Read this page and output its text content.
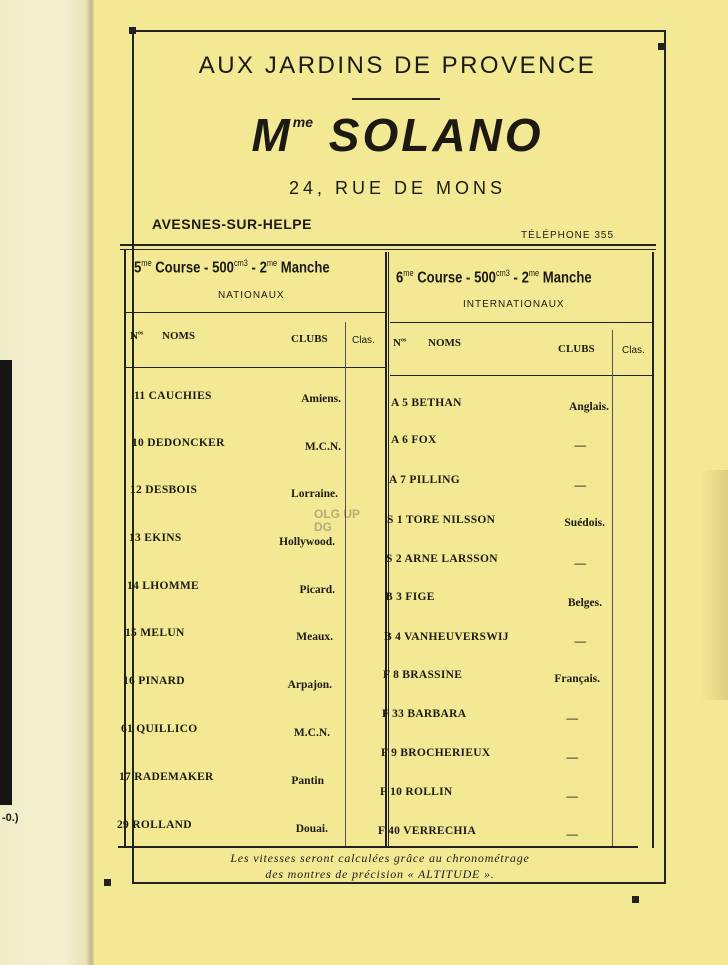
-0.)
AUX JARDINS DE PROVENCE
$M^{me}$ SOLANO
24, RUE DE MONS
AVESNES-SUR-HELPE
TÉLÉPHONE 355
$5^{me}$ Course - $500^{cm3} - 2^{me}$ Manche
NATIONAUX
$N^{os}$ NOMS	CLUBS Clas.
$6^{me}$ Course - $500^{cm3} - 2^{me}$ Manche
INTERNATIONAUX
$N^{os}$ NOMS	CLUBS	Clas.
11 CAUCHIES	Amiens.
10 DEDONCKER	M.C.N.
12 DESBOIS	Lorraine.
13 EKINS	Hollywood.
14 LHOMME	Picard.
15 MELUN	Meaux.
16 PINARD	Arpajon.
61 QUILLICO	M.C.N.
17 RADEMAKER	Pantin
29 ROLLAND	Douai.
A 5 BETHAN	Anglais.
A 6 FOX	—
A 7 PILLING	—
S 1 TORE NILSSON	Suédois.
S 2 ARNE LARSSON	—
B 3 FIGE	Belges.
B 4 VANHEUVERSWIJ	—
F 8 BRASSINE	Français.
F 33 BARBARA	—
F 9 BROCHERIEUX	—
F 10 ROLLIN	—
F 40 VERRECHIA	—
OLG UP DG
Les vitesses seront calculées grâce au chronométrage
des montres de précision « ALTITUDE ».
